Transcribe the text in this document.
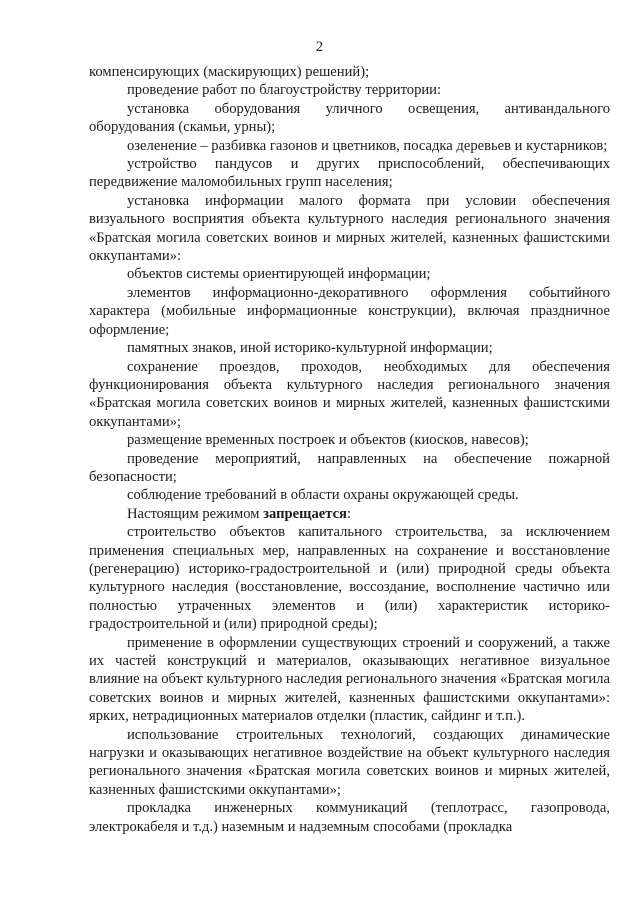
2

компенсирующих (маскирующих) решений);

проведение работ по благоустройству территории:

установка оборудования уличного освещения, антивандального оборудования (скамьи, урны);

озеленение – разбивка газонов и цветников, посадка деревьев и кустарников;

устройство пандусов и других приспособлений, обеспечивающих передвижение маломобильных групп населения;

установка информации малого формата при условии обеспечения визуального восприятия объекта культурного наследия регионального значения «Братская могила советских воинов и мирных жителей, казненных фашистскими оккупантами»:

объектов системы ориентирующей информации;

элементов информационно-декоративного оформления событийного характера (мобильные информационные конструкции), включая праздничное оформление;

памятных знаков, иной историко-культурной информации;

сохранение проездов, проходов, необходимых для обеспечения функционирования объекта культурного наследия регионального значения «Братская могила советских воинов и мирных жителей, казненных фашистскими оккупантами»;

размещение временных построек и объектов (киосков, навесов);

проведение мероприятий, направленных на обеспечение пожарной безопасности;

соблюдение требований в области охраны окружающей среды.

Настоящим режимом запрещается:

строительство объектов капитального строительства, за исключением применения специальных мер, направленных на сохранение и восстановление (регенерацию) историко-градостроительной и (или) природной среды объекта культурного наследия (восстановление, воссоздание, восполнение частично или полностью утраченных элементов и (или) характеристик историко-градостроительной и (или) природной среды);

применение в оформлении существующих строений и сооружений, а также их частей конструкций и материалов, оказывающих негативное визуальное влияние на объект культурного наследия регионального значения «Братская могила советских воинов и мирных жителей, казненных фашистскими оккупантами»: ярких, нетрадиционных материалов отделки (пластик, сайдинг и т.п.).

использование строительных технологий, создающих динамические нагрузки и оказывающих негативное воздействие на объект культурного наследия регионального значения «Братская могила советских воинов и мирных жителей, казненных фашистскими оккупантами»;

прокладка инженерных коммуникаций (теплотрасс, газопровода, электрокабеля и т.д.) наземным и надземным способами (прокладка
